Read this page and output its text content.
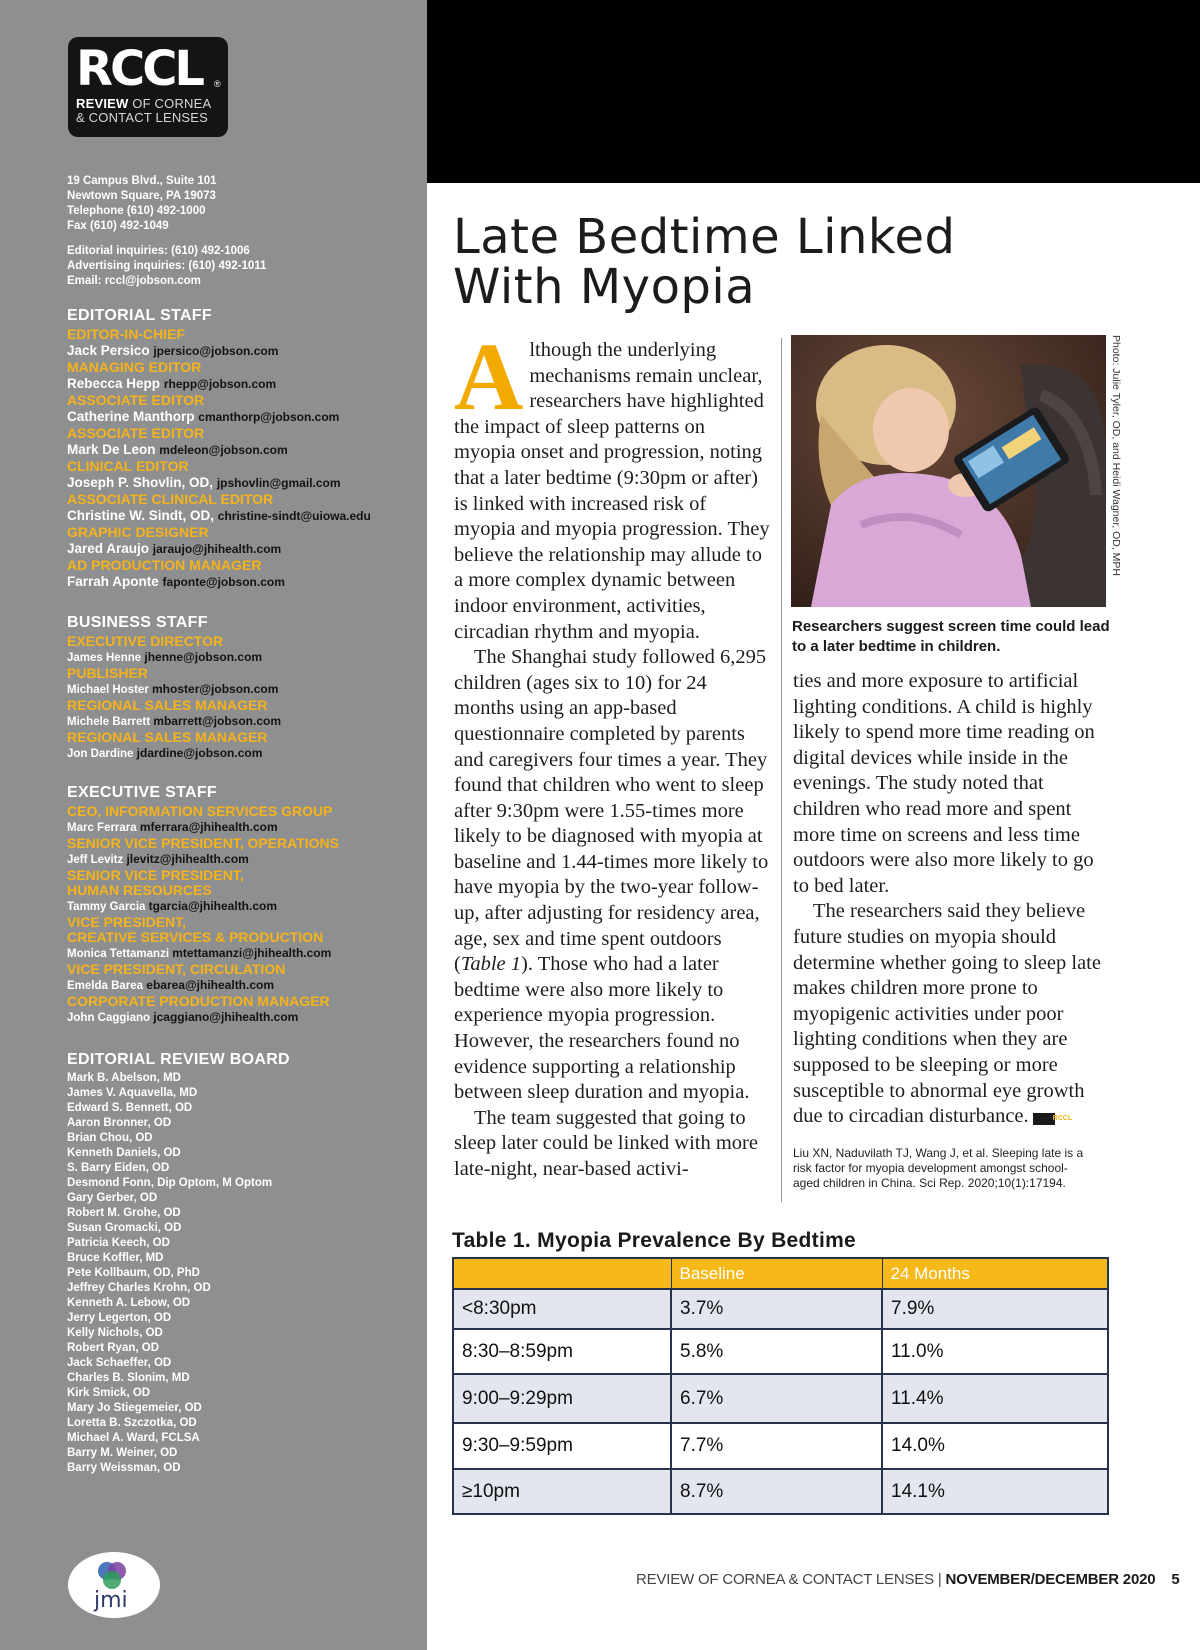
RCCL	®
REVIEW OF CORNEA
& CONTACT LENSES
19 Campus Blvd., Suite 101
Newtown Square, PA 19073
Telephone (610) 492-1000
Fax (610) 492-1049
Editorial inquiries: (610) 492-1006
Advertising inquiries: (610) 492-1011
Email: rccl@jobson.com
EDITORIAL STAFF
EDITOR-IN-CHIEF
Jack Persico jpersico@jobson.com
MANAGING EDITOR
Rebecca Hepp rhepp@jobson.com
ASSOCIATE EDITOR
Catherine Manthorp cmanthorp@jobson.com
ASSOCIATE EDITOR
Mark De Leon mdeleon@jobson.com
CLINICAL EDITOR
Joseph P. Shovlin, OD, jpshovlin@gmail.com
ASSOCIATE CLINICAL EDITOR
Christine W. Sindt, OD, christine-sindt@uiowa.edu
GRAPHIC DESIGNER
Jared Araujo jaraujo@jhihealth.com
AD PRODUCTION MANAGER
Farrah Aponte faponte@jobson.com
BUSINESS STAFF
EXECUTIVE DIRECTOR
James Henne jhenne@jobson.com
PUBLISHER
Michael Hoster mhoster@jobson.com
REGIONAL SALES MANAGER
Michele Barrett mbarrett@jobson.com
REGIONAL SALES MANAGER
Jon Dardine jdardine@jobson.com
EXECUTIVE STAFF
CEO, INFORMATION SERVICES GROUP
Marc Ferrara mferrara@jhihealth.com
SENIOR VICE PRESIDENT, OPERATIONS
Jeff Levitz jlevitz@jhihealth.com
SENIOR VICE PRESIDENT,
HUMAN RESOURCES
Tammy Garcia tgarcia@jhihealth.com
VICE PRESIDENT,
CREATIVE SERVICES & PRODUCTION
Monica Tettamanzi mtettamanzi@jhihealth.com
VICE PRESIDENT, CIRCULATION
Emelda Barea ebarea@jhihealth.com
CORPORATE PRODUCTION MANAGER
John Caggiano jcaggiano@jhihealth.com
EDITORIAL REVIEW BOARD
Mark B. Abelson, MD
James V. Aquavella, MD
Edward S. Bennett, OD
Aaron Bronner, OD
Brian Chou, OD
Kenneth Daniels, OD
S. Barry Eiden, OD
Desmond Fonn, Dip Optom, M Optom
Gary Gerber, OD
Robert M. Grohe, OD
Susan Gromacki, OD
Patricia Keech, OD
Bruce Koffler, MD
Pete Kollbaum, OD, PhD
Jeffrey Charles Krohn, OD
Kenneth A. Lebow, OD
Jerry Legerton, OD
Kelly Nichols, OD
Robert Ryan, OD
Jack Schaeffer, OD
Charles B. Slonim, MD
Kirk Smick, OD
Mary Jo Stiegemeier, OD
Loretta B. Szczotka, OD
Michael A. Ward, FCLSA
Barry M. Weiner, OD
Barry Weissman, OD
jmi
Late Bedtime Linked
With Myopia

Although the underlying mechanisms remain unclear, researchers have highlighted the impact of sleep patterns on myopia onset and progression, noting that a later bedtime (9:30pm or after) is linked with increased risk of myopia and myopia progression. They believe the relationship may allude to a more complex dynamic between indoor environment, activities, circadian rhythm and myopia.

The Shanghai study followed 6,295 children (ages six to 10) for 24 months using an app-based questionnaire completed by parents and caregivers four times a year. They found that children who went to sleep after 9:30pm were 1.55-times more likely to be diagnosed with myopia at baseline and 1.44-times more likely to have myopia by the two-year follow-up, after adjusting for residency area, age, sex and time spent outdoors (Table 1). Those who had a later bedtime were also more likely to experience myopia progression. However, the researchers found no evidence supporting a relationship between sleep duration and myopia.

The team suggested that going to sleep later could be linked with more late-night, near-based activi-

Photo: Julie Tyler, OD, and Heidi Wagner, OD, MPH
Researchers suggest screen time could lead to a later bedtime in children.

ties and more exposure to artificial lighting conditions. A child is highly likely to spend more time reading on digital devices while inside in the evenings. The study noted that children who read more and spent more time on screens and less time outdoors were also more likely to go to bed later.

The researchers said they believe future studies on myopia should determine whether going to sleep late makes children more prone to myopigenic activities under poor lighting conditions when they are supposed to be sleeping or more susceptible to abnormal eye growth due to circadian disturbance.	RCCL

Liu XN, Naduvilath TJ, Wang J, et al. Sleeping late is a risk factor for myopia development amongst school-aged children in China. Sci Rep. 2020;10(1):17194.
Table 1. Myopia Prevalence By Bedtime
	Baseline	24 Months
<8:30pm	3.7%	7.9%
8:30–8:59pm	5.8%	11.0%
9:00–9:29pm	6.7%	11.4%
9:30–9:59pm	7.7%	14.0%
≥10pm	8.7%	14.1%
REVIEW OF CORNEA & CONTACT LENSES | NOVEMBER/DECEMBER 2020 5
